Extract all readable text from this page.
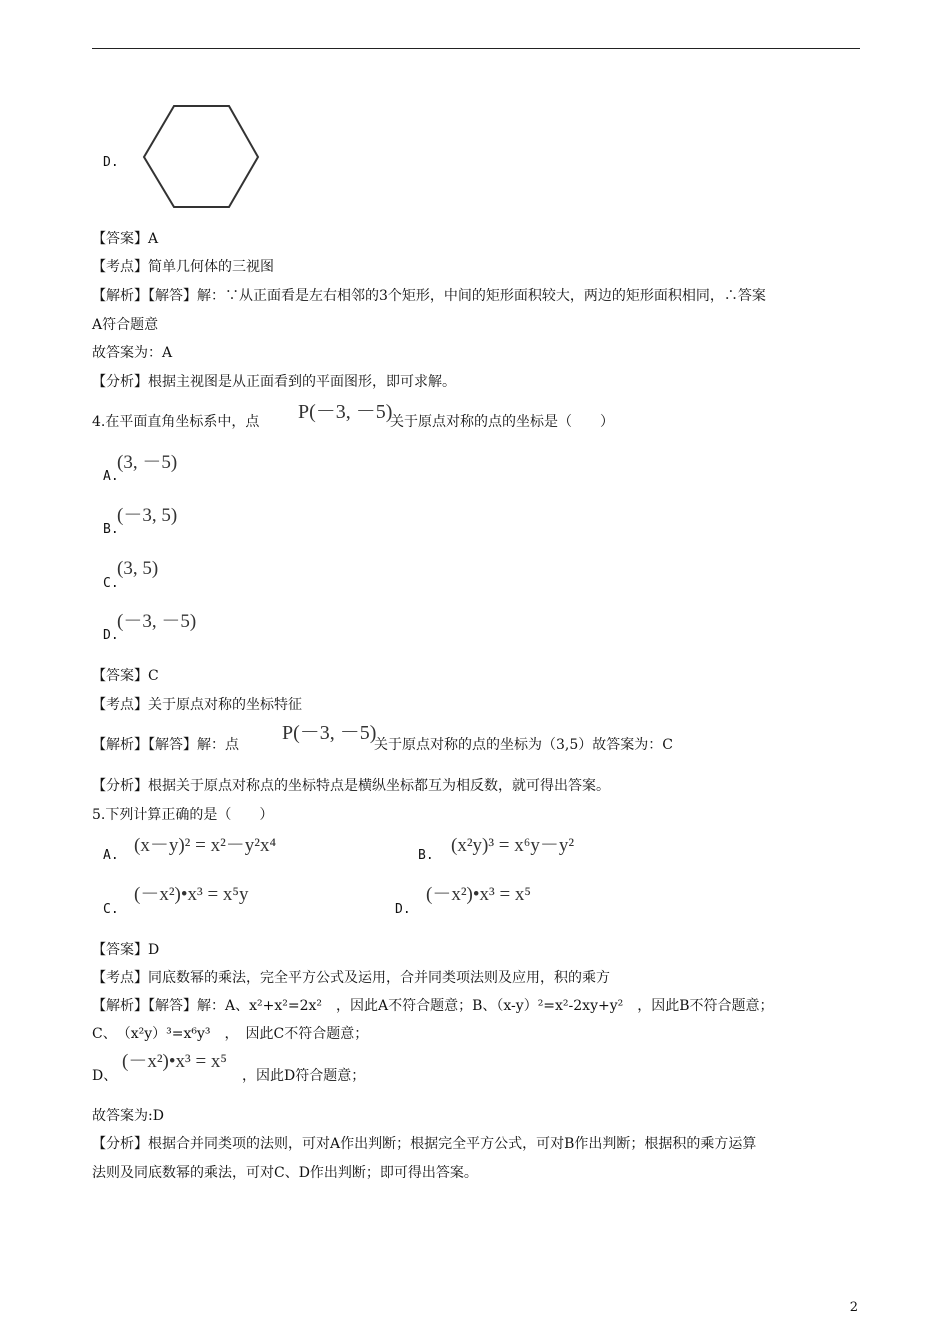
D.
【答案】A
【考点】简单几何体的三视图
【解析】【解答】解：∵从正面看是左右相邻的3个矩形，中间的矩形面积较大，两边的矩形面积相同，∴答案
A符合题意
故答案为：A
【分析】根据主视图是从正面看到的平面图形，即可求解。
4.在平面直角坐标系中，点 P(－3, －5)
关于原点对称的点的坐标是（　　）
A.
(3, －5)
B.
(－3, 5)
C.
(3, 5)
D.
(－3, －5)
【答案】C
【考点】关于原点对称的坐标特征
【解析】【解答】解：点
P(－3, －5)
关于原点对称的点的坐标为（3,5）故答案为：C
【分析】根据关于原点对称点的坐标特点是横纵坐标都互为相反数，就可得出答案。
5.下列计算正确的是（　　）
A. (x－y)² = x²－y²x⁴	B. (x²y)³ = x⁶y－y²
C.
(－x²)•x³ = x⁵y
D.
(－x²)•x³ = x⁵
【答案】D
【考点】同底数幂的乘法，完全平方公式及运用，合并同类项法则及应用，积的乘方
【解析】【解答】解：A、x²+x²=2x²　，因此A不符合题意；B、（x-y）²=x²-2xy+y²　，因此B不符合题意；
C、　（x²y）³=x⁶y³　，　因此C不符合题意；
D、
(－x²)•x³ = x⁵
，因此D符合题意；
故答案为:D
【分析】根据合并同类项的法则，可对A作出判断；根据完全平方公式，可对B作出判断；根据积的乘方运算
法则及同底数幂的乘法，可对C、D作出判断；即可得出答案。
2
